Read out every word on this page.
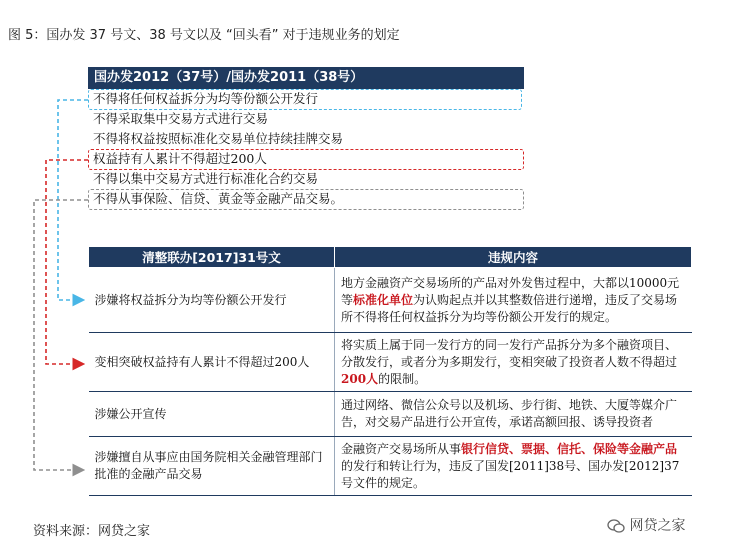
图 5：国办发 37 号文、38 号文以及 “回头看” 对于违规业务的划定
国办发2012（37号）/国办发2011（38号）
不得将任何权益拆分为均等份额公开发行
不得采取集中交易方式进行交易
不得将权益按照标准化交易单位持续挂牌交易
权益持有人累计不得超过200人
不得以集中交易方式进行标准化合约交易
不得从事保险、信贷、黄金等金融产品交易。
清整联办[2017]31号文	违规内容
涉嫌将权益拆分为均等份额公开发行	地方金融资产交易场所的产品对外发售过程中，大都以10000元等标准化单位为认购起点并以其整数倍进行递增，违反了交易场所不得将任何权益拆分为均等份额公开发行的规定。
变相突破权益持有人累计不得超过200人	将实质上属于同一发行方的同一发行产品拆分为多个融资项目、分散发行，或者分为多期发行，变相突破了投资者人数不得超过200人的限制。
涉嫌公开宣传	通过网络、微信公众号以及机场、步行街、地铁、大厦等媒介广告，对交易产品进行公开宣传，承诺高额回报、诱导投资者
涉嫌擅自从事应由国务院相关金融管理部门批准的金融产品交易	金融资产交易场所从事银行信贷、票据、信托、保险等金融产品的发行和转让行为，违反了国发[2011]38号、国办发[2012]37号文件的规定。
资料来源：网贷之家	网贷之家
